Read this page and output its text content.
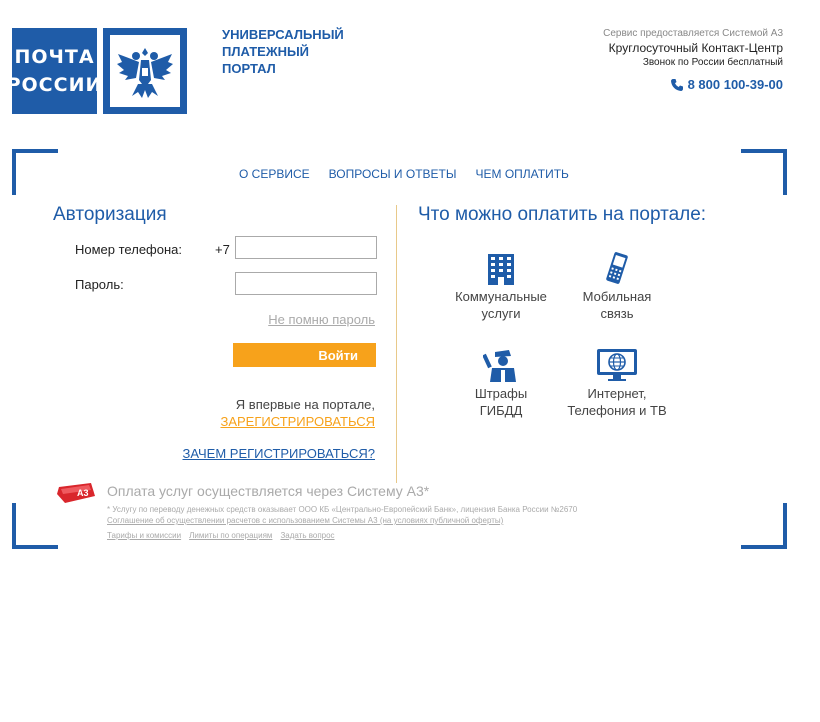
ПОЧТА
РОССИИ
УНИВЕРСАЛЬНЫЙ
ПЛАТЕЖНЫЙ
ПОРТАЛ
Сервис предоставляется Системой А3
Круглосуточный Контакт-Центр
Звонок по России бесплатный
8 800 100-39-00
О СЕРВИСЕ ВОПРОСЫ И ОТВЕТЫ ЧЕМ ОПЛАТИТЬ
Авторизация
Номер телефона:	+7
Пароль:
Не помню пароль
Войти
Я впервые на портале,
ЗАРЕГИСТРИРОВАТЬСЯ
ЗАЧЕМ РЕГИСТРИРОВАТЬСЯ?
Что можно оплатить на портале:
Коммунальные
услуги
Мобильная
связь
Штрафы
ГИБДД
Интернет,
Телефония и ТВ
А3 Оплата услуг осуществляется через Систему А3*
* Услугу по переводу денежных средств оказывает ООО КБ «Центрально-Европейский Банк», лицензия Банка России №2670
Соглашение об осуществлении расчетов с использованием Системы А3 (на условиях публичной оферты)
Тарифы и комиссии Лимиты по операциям Задать вопрос
